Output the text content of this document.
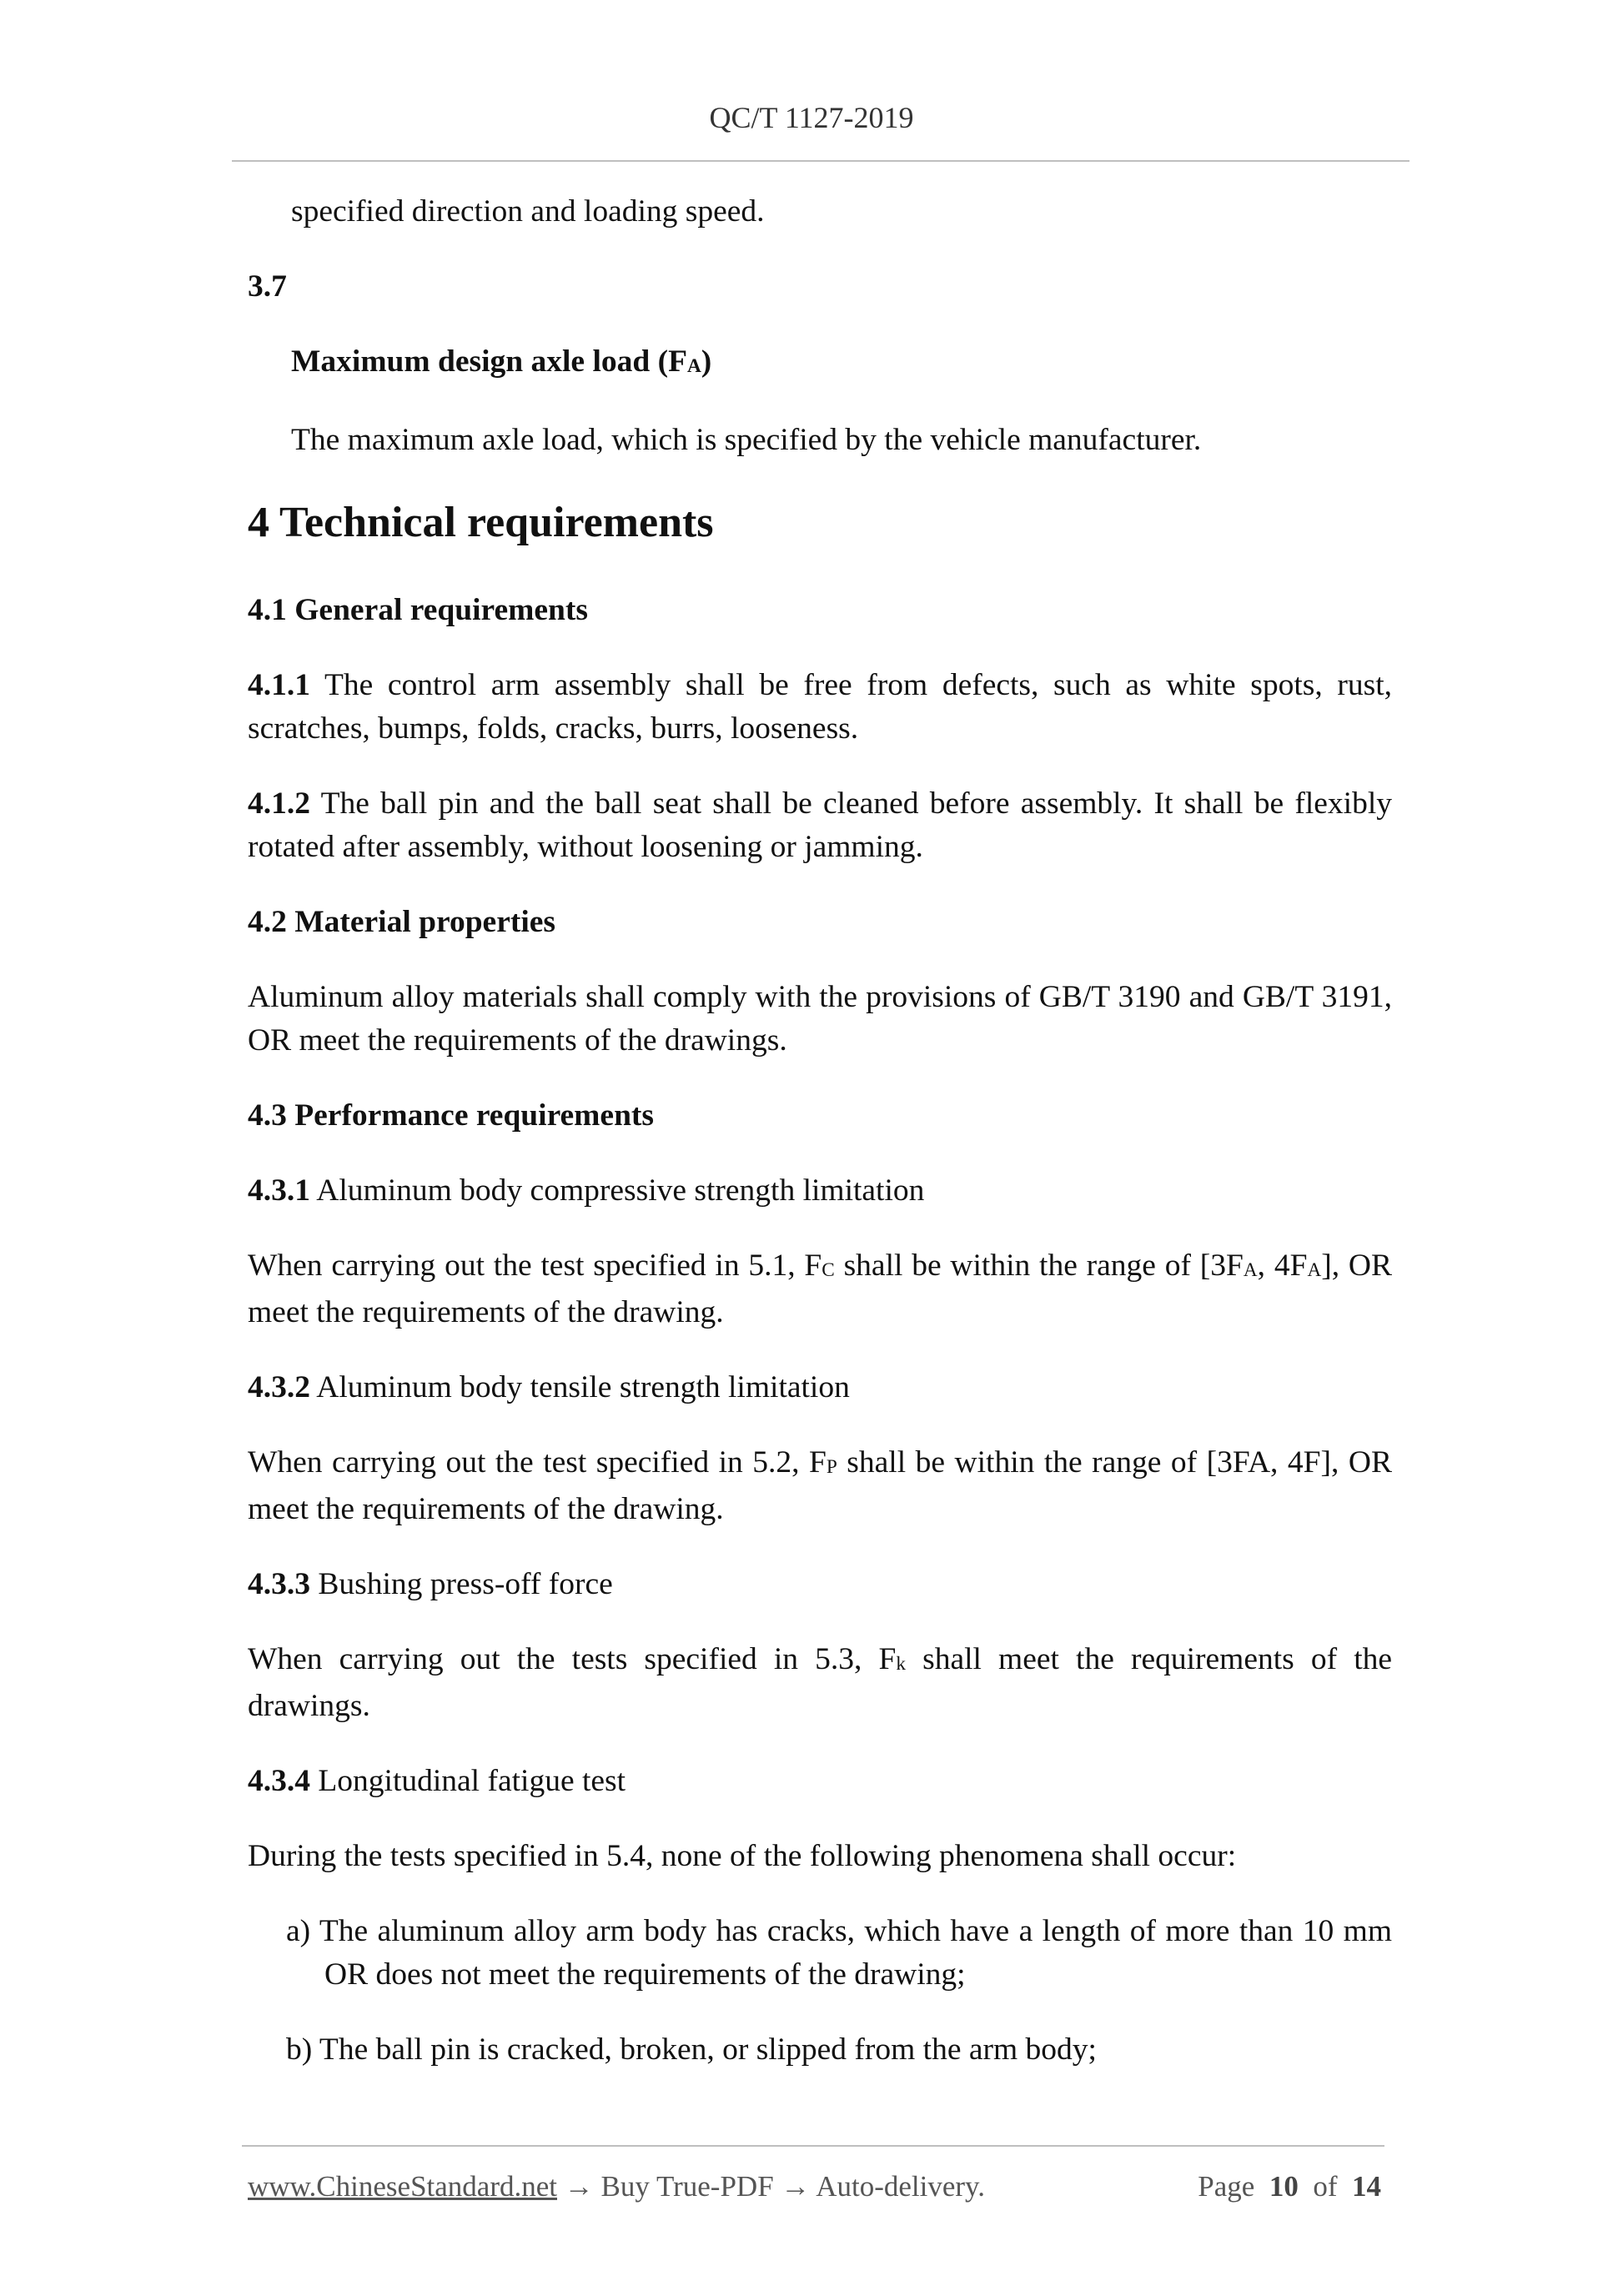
QC/T 1127-2019

specified direction and loading speed.

3.7

Maximum design axle load $(F_A)$

The maximum axle load, which is specified by the vehicle manufacturer.

4 Technical requirements

4.1 General requirements

4.1.1 The control arm assembly shall be free from defects, such as white spots, rust, scratches, bumps, folds, cracks, burrs, looseness.

4.1.2 The ball pin and the ball seat shall be cleaned before assembly. It shall be flexibly rotated after assembly, without loosening or jamming.

4.2 Material properties

Aluminum alloy materials shall comply with the provisions of GB/T 3190 and GB/T 3191, OR meet the requirements of the drawings.

4.3 Performance requirements

4.3.1 Aluminum body compressive strength limitation

When carrying out the test specified in 5.1, $F_C$ shall be within the range of [$3F_A$, $4F_A$], OR meet the requirements of the drawing.

4.3.2 Aluminum body tensile strength limitation

When carrying out the test specified in 5.2, $F_P$ shall be within the range of [3FA, 4F], OR meet the requirements of the drawing.

4.3.3 Bushing press-off force

When carrying out the tests specified in 5.3, $F_k$ shall meet the requirements of the drawings.

4.3.4 Longitudinal fatigue test

During the tests specified in 5.4, none of the following phenomena shall occur:

a) The aluminum alloy arm body has cracks, which have a length of more than 10 mm OR does not meet the requirements of the drawing;

b) The ball pin is cracked, broken, or slipped from the arm body;

www.ChineseStandard.net → Buy True-PDF → Auto-delivery.	Page 10 of 14
